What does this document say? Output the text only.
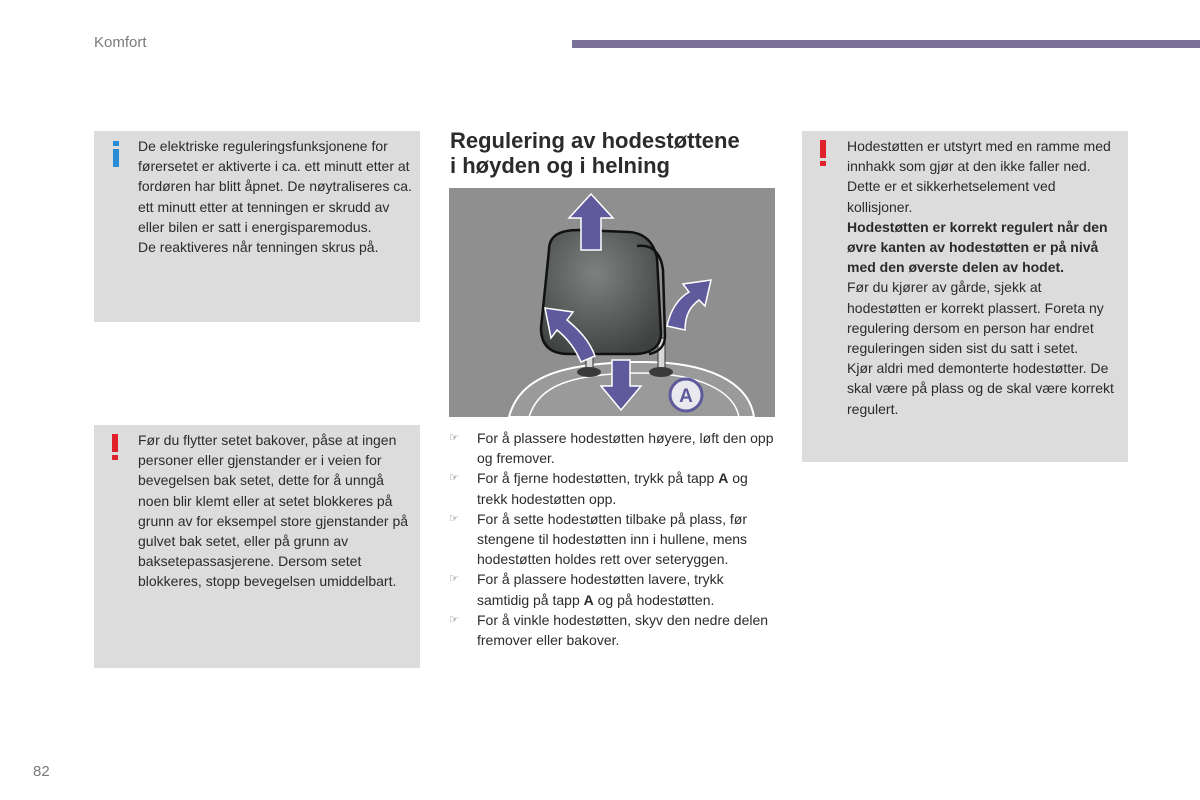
Komfort

De elektriske reguleringsfunksjonene for førersetet er aktiverte i ca. ett minutt etter at fordøren har blitt åpnet. De nøytraliseres ca. ett minutt etter at tenningen er skrudd av eller bilen er satt i energisparemodus.

De reaktiveres når tenningen skrus på.

Før du flytter setet bakover, påse at ingen personer eller gjenstander er i veien for bevegelsen bak setet, dette for å unngå noen blir klemt eller at setet blokkeres på grunn av for eksempel store gjenstander på gulvet bak setet, eller på grunn av baksetepassasjerene. Dersom setet blokkeres, stopp bevegelsen umiddelbart.

Regulering av hodestøttene
i høyden og i helning
A
☞ For å plassere hodestøtten høyere, løft den opp og fremover.
☞ For å fjerne hodestøtten, trykk på tapp A og trekk hodestøtten opp.
☞ For å sette hodestøtten tilbake på plass, før stengene til hodestøtten inn i hullene, mens hodestøtten holdes rett over seteryggen.
☞ For å plassere hodestøtten lavere, trykk samtidig på tapp A og på hodestøtten.
☞ For å vinkle hodestøtten, skyv den nedre delen fremover eller bakover.

Hodestøtten er utstyrt med en ramme med innhakk som gjør at den ikke faller ned. Dette er et sikkerhetselement ved kollisjoner.

Hodestøtten er korrekt regulert når den øvre kanten av hodestøtten er på nivå med den øverste delen av hodet.

Før du kjører av gårde, sjekk at hodestøtten er korrekt plassert. Foreta ny regulering dersom en person har endret reguleringen siden sist du satt i setet.

Kjør aldri med demonterte hodestøtter. De skal være på plass og de skal være korrekt regulert.

82
